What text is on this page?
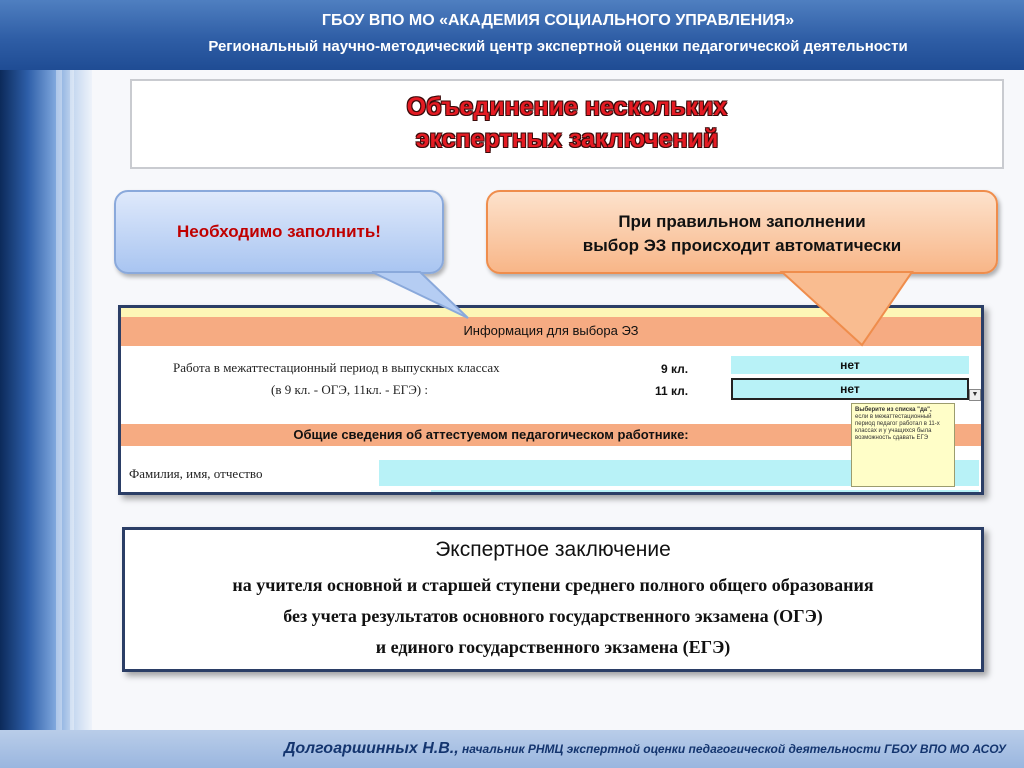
ГБОУ ВПО МО «АКАДЕМИЯ СОЦИАЛЬНОГО УПРАВЛЕНИЯ»
Региональный научно-методический центр экспертной оценки педагогической деятельности
Объединение нескольких
экспертных заключений
Необходимо заполнить!
При правильном заполнении
выбор ЭЗ происходит автоматически
Информация для выбора ЭЗ
Работа в межаттестационный период в выпускных классах
(в 9 кл. - ОГЭ, 11кл. - ЕГЭ) :
9 кл.
11 кл.
нет
нет	▼
Выберите из списка "да",
если в межаттестационный период педагог работал в 11-х классах и у учащихся была возможность сдавать ЕГЭ
Общие сведения об аттестуемом педагогическом работнике:
Фамилия, имя, отчество
Экспертное заключение
на учителя основной и старшей ступени среднего полного общего образования
без учета результатов основного государственного экзамена (ОГЭ)
и единого государственного экзамена (ЕГЭ)
Долгоаршинных Н.В., начальник РНМЦ экспертной оценки педагогической деятельности ГБОУ ВПО МО АСОУ
